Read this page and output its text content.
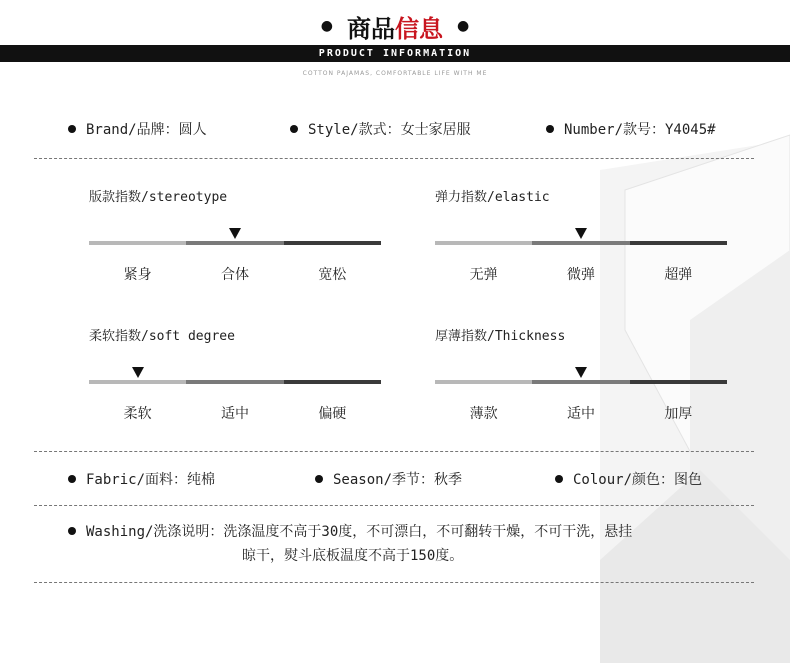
● 商品 信息 ●
PRODUCT INFORMATION
COTTON PAJAMAS, COMFORTABLE LIFE WITH ME
Brand/品牌：圆人	Style/款式：女士家居服	Number/款号：Y4045#
版款指数/stereotype
紧身	合体	宽松
弹力指数/elastic
无弹	微弹	超弹
柔软指数/soft degree
柔软	适中	偏硬
厚薄指数/Thickness
薄款	适中	加厚
Fabric/面料：纯棉	Season/季节：秋季	Colour/颜色：图色
Washing/洗涤说明：洗涤温度不高于30度，不可漂白，不可翻转干燥，不可干洗，悬挂
晾干，熨斗底板温度不高于150度。
